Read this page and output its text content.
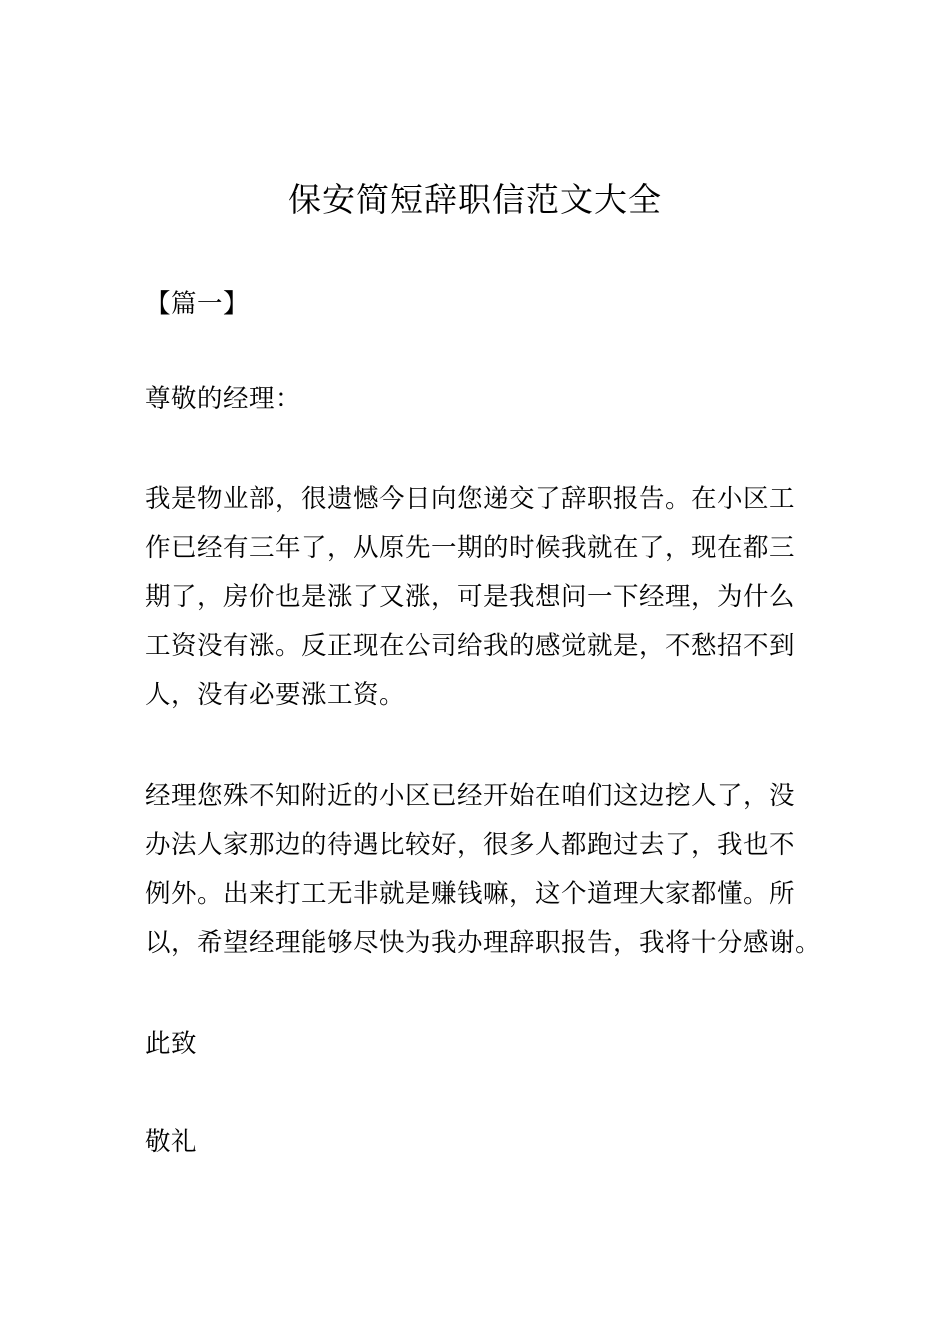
保安简短辞职信范文大全

【篇一】

尊敬的经理：

我是物业部，很遗憾今日向您递交了辞职报告。在小区工
作已经有三年了，从原先一期的时候我就在了，现在都三
期了，房价也是涨了又涨，可是我想问一下经理，为什么
工资没有涨。反正现在公司给我的感觉就是，不愁招不到
人，没有必要涨工资。
经理您殊不知附近的小区已经开始在咱们这边挖人了，没
办法人家那边的待遇比较好，很多人都跑过去了，我也不
例外。出来打工无非就是赚钱嘛，这个道理大家都懂。所
以，希望经理能够尽快为我办理辞职报告，我将十分感谢。

此致

敬礼
